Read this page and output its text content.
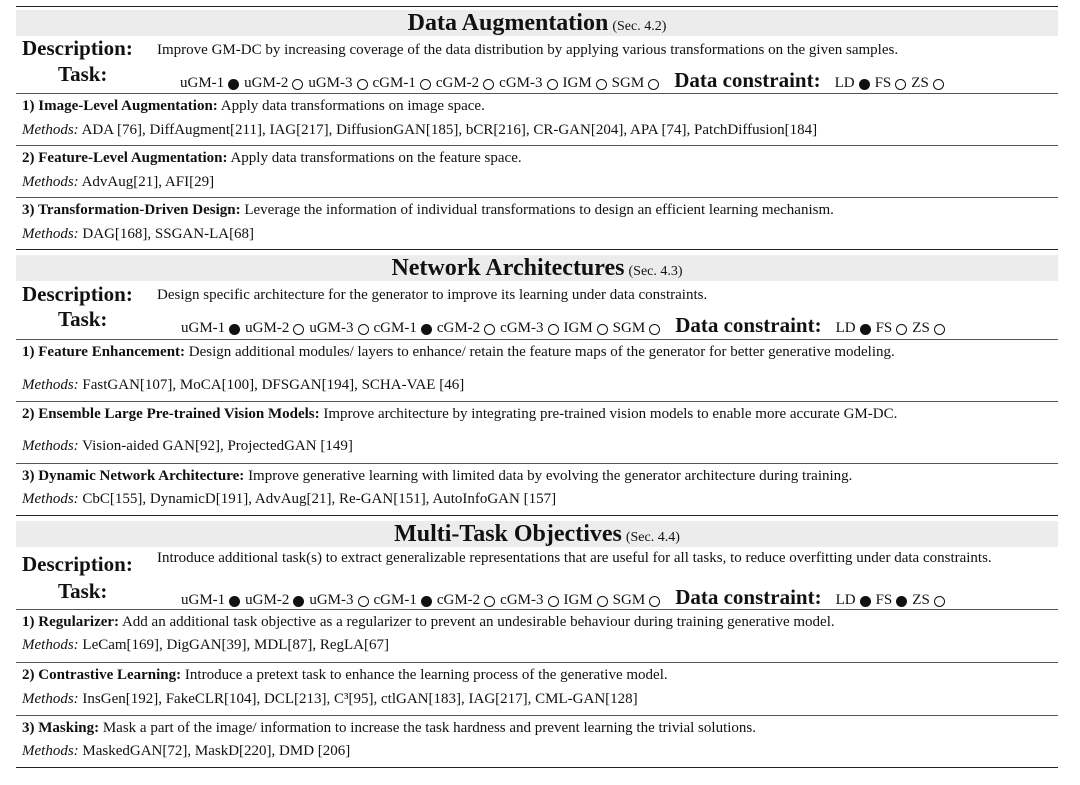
Data Augmentation (Sec. 4.2)
Description: Improve GM-DC by increasing coverage of the data distribution by applying various transformations on the given samples.
Task:	uGM-1 uGM-2 uGM-3 cGM-1 cGM-2 cGM-3 IGM SGM Data constraint: LD FS ZS
1) Image-Level Augmentation: Apply data transformations on image space.
Methods: ADA [76], DiffAugment[211], IAG[217], DiffusionGAN[185], bCR[216], CR-GAN[204], APA [74], PatchDiffusion[184]
2) Feature-Level Augmentation: Apply data transformations on the feature space.
Methods: AdvAug[21], AFI[29]
3) Transformation-Driven Design: Leverage the information of individual transformations to design an efficient learning mechanism.
Methods: DAG[168], SSGAN-LA[68]
Network Architectures (Sec. 4.3)
Description: Design specific architecture for the generator to improve its learning under data constraints.
Task:	uGM-1 uGM-2 uGM-3 cGM-1 cGM-2 cGM-3 IGM SGM Data constraint: LD FS ZS
1) Feature Enhancement: Design additional modules/ layers to enhance/ retain the feature maps of the generator for better generative modeling.
Methods: FastGAN[107], MoCA[100], DFSGAN[194], SCHA-VAE [46]
2) Ensemble Large Pre-trained Vision Models: Improve architecture by integrating pre-trained vision models to enable more accurate GM-DC.
Methods: Vision-aided GAN[92], ProjectedGAN [149]
3) Dynamic Network Architecture: Improve generative learning with limited data by evolving the generator architecture during training.
Methods: CbC[155], DynamicD[191], AdvAug[21], Re-GAN[151], AutoInfoGAN [157]
Multi-Task Objectives (Sec. 4.4)
Description: Introduce additional task(s) to extract generalizable representations that are useful for all tasks, to reduce overfitting under data constraints.
Task:	uGM-1 uGM-2 uGM-3 cGM-1 cGM-2 cGM-3 IGM SGM Data constraint: LD FS ZS
1) Regularizer: Add an additional task objective as a regularizer to prevent an undesirable behaviour during training generative model.
Methods: LeCam[169], DigGAN[39], MDL[87], RegLA[67]
2) Contrastive Learning: Introduce a pretext task to enhance the learning process of the generative model.
Methods: InsGen[192], FakeCLR[104], DCL[213], C³[95], ctlGAN[183], IAG[217], CML-GAN[128]
3) Masking: Mask a part of the image/ information to increase the task hardness and prevent learning the trivial solutions.
Methods: MaskedGAN[72], MaskD[220], DMD [206]
